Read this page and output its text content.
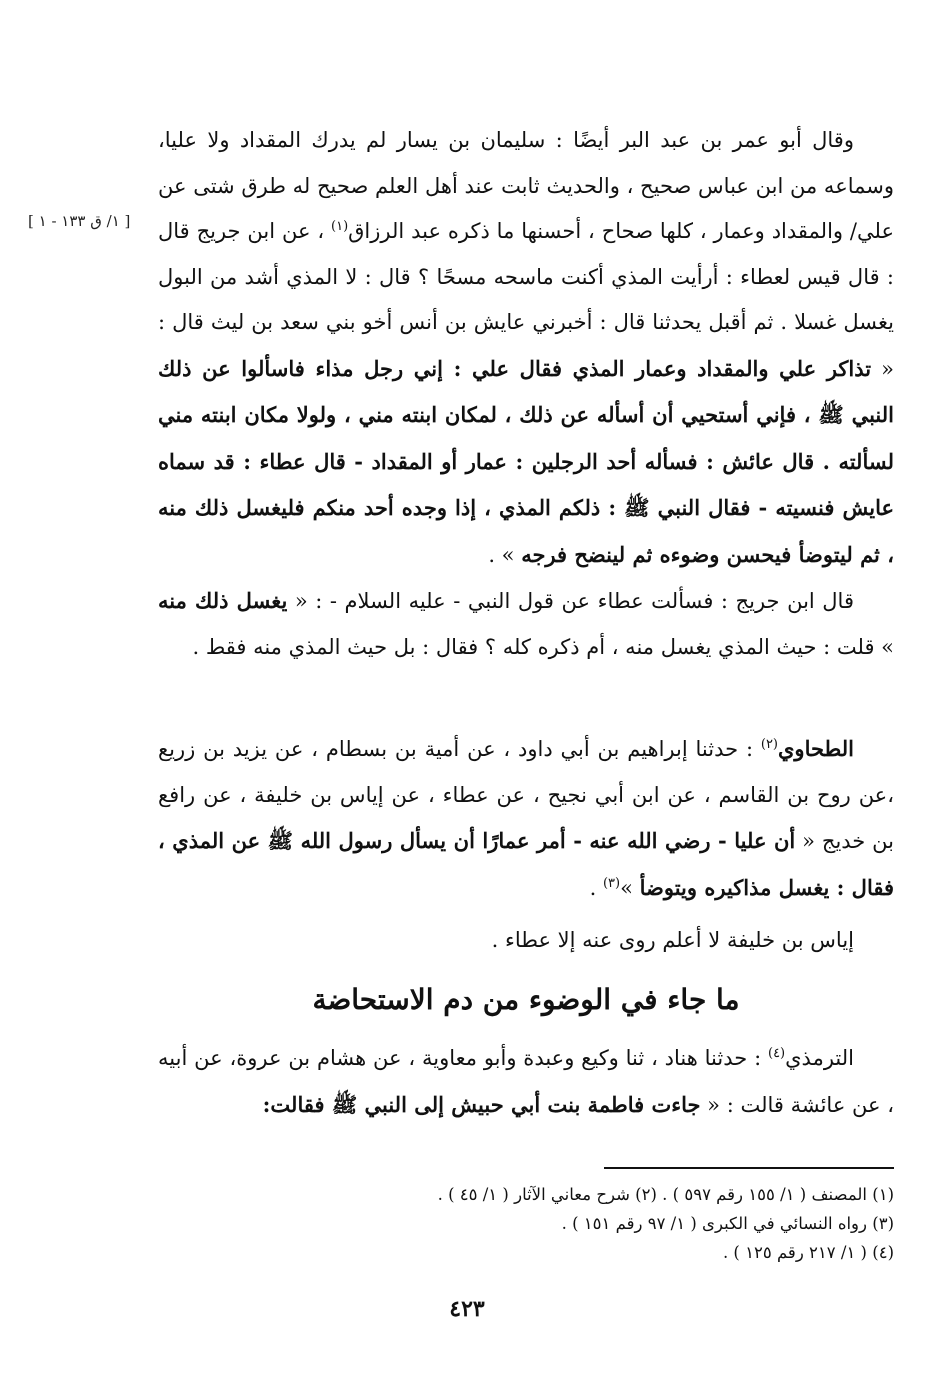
[ ١/ ق ١٣٣ - ١ ]

وقال أبو عمر بن عبد البر أيضًا : سليمان بن يسار لم يدرك المقداد ولا عليا، وسماعه من ابن عباس صحيح ، والحديث ثابت عند أهل العلم صحيح له طرق شتى عن علي/ والمقداد وعمار ، كلها صحاح ، أحسنها ما ذكره عبد الرزاق$^{(١)}$ ، عن ابن جريج قال : قال قيس لعطاء : أرأيت المذي أكنت ماسحه مسحًا ؟ قال : لا المذي أشد من البول يغسل غسلا . ثم أقبل يحدثنا قال : أخبرني عايش بن أنس أخو بني سعد بن ليث قال : « تذاكر علي والمقداد وعمار المذي فقال علي : إني رجل مذاء فاسألوا عن ذلك النبي ﷺ ، فإني أستحيي أن أسأله عن ذلك ، لمكان ابنته مني ، ولولا مكان ابنته مني لسألته . قال عائش : فسأله أحد الرجلين : عمار أو المقداد - قال عطاء : قد سماه عايش فنسيته - فقال النبي ﷺ : ذلكم المذي ، إذا وجده أحد منكم فليغسل ذلك منه ، ثم ليتوضأ فيحسن وضوءه ثم لينضح فرجه » .

قال ابن جريج : فسألت عطاء عن قول النبي - عليه السلام - : « يغسل ذلك منه » قلت : حيث المذي يغسل منه ، أم ذكره كله ؟ فقال : بل حيث المذي منه فقط .

الطحاوي$^{(٢)}$ : حدثنا إبراهيم بن أبي داود ، عن أمية بن بسطام ، عن يزيد بن زريع ،عن روح بن القاسم ، عن ابن أبي نجيح ، عن عطاء ، عن إياس بن خليفة ، عن رافع بن خديج « أن عليا - رضي الله عنه - أمر عمارًا أن يسأل رسول الله ﷺ عن المذي ، فقال : يغسل مذاكيره ويتوضأ »$^{(٣)}$ .

إياس بن خليفة لا أعلم روى عنه إلا عطاء .

ما جاء في الوضوء من دم الاستحاضة

الترمذي$^{(٤)}$ : حدثنا هناد ، ثنا وكيع وعبدة وأبو معاوية ، عن هشام بن عروة، عن أبيه ، عن عائشة قالت : « جاءت فاطمة بنت أبي حبيش إلى النبي ﷺ فقالت:

(١) المصنف ( ١/ ١٥٥ رقم ٥٩٧ ) . (٢) شرح معاني الآثار ( ١/ ٤٥ ) .
(٣) رواه النسائي في الكبرى ( ١/ ٩٧ رقم ١٥١ ) .
(٤) ( ١/ ٢١٧ رقم ١٢٥ ) .
٤٢٣
